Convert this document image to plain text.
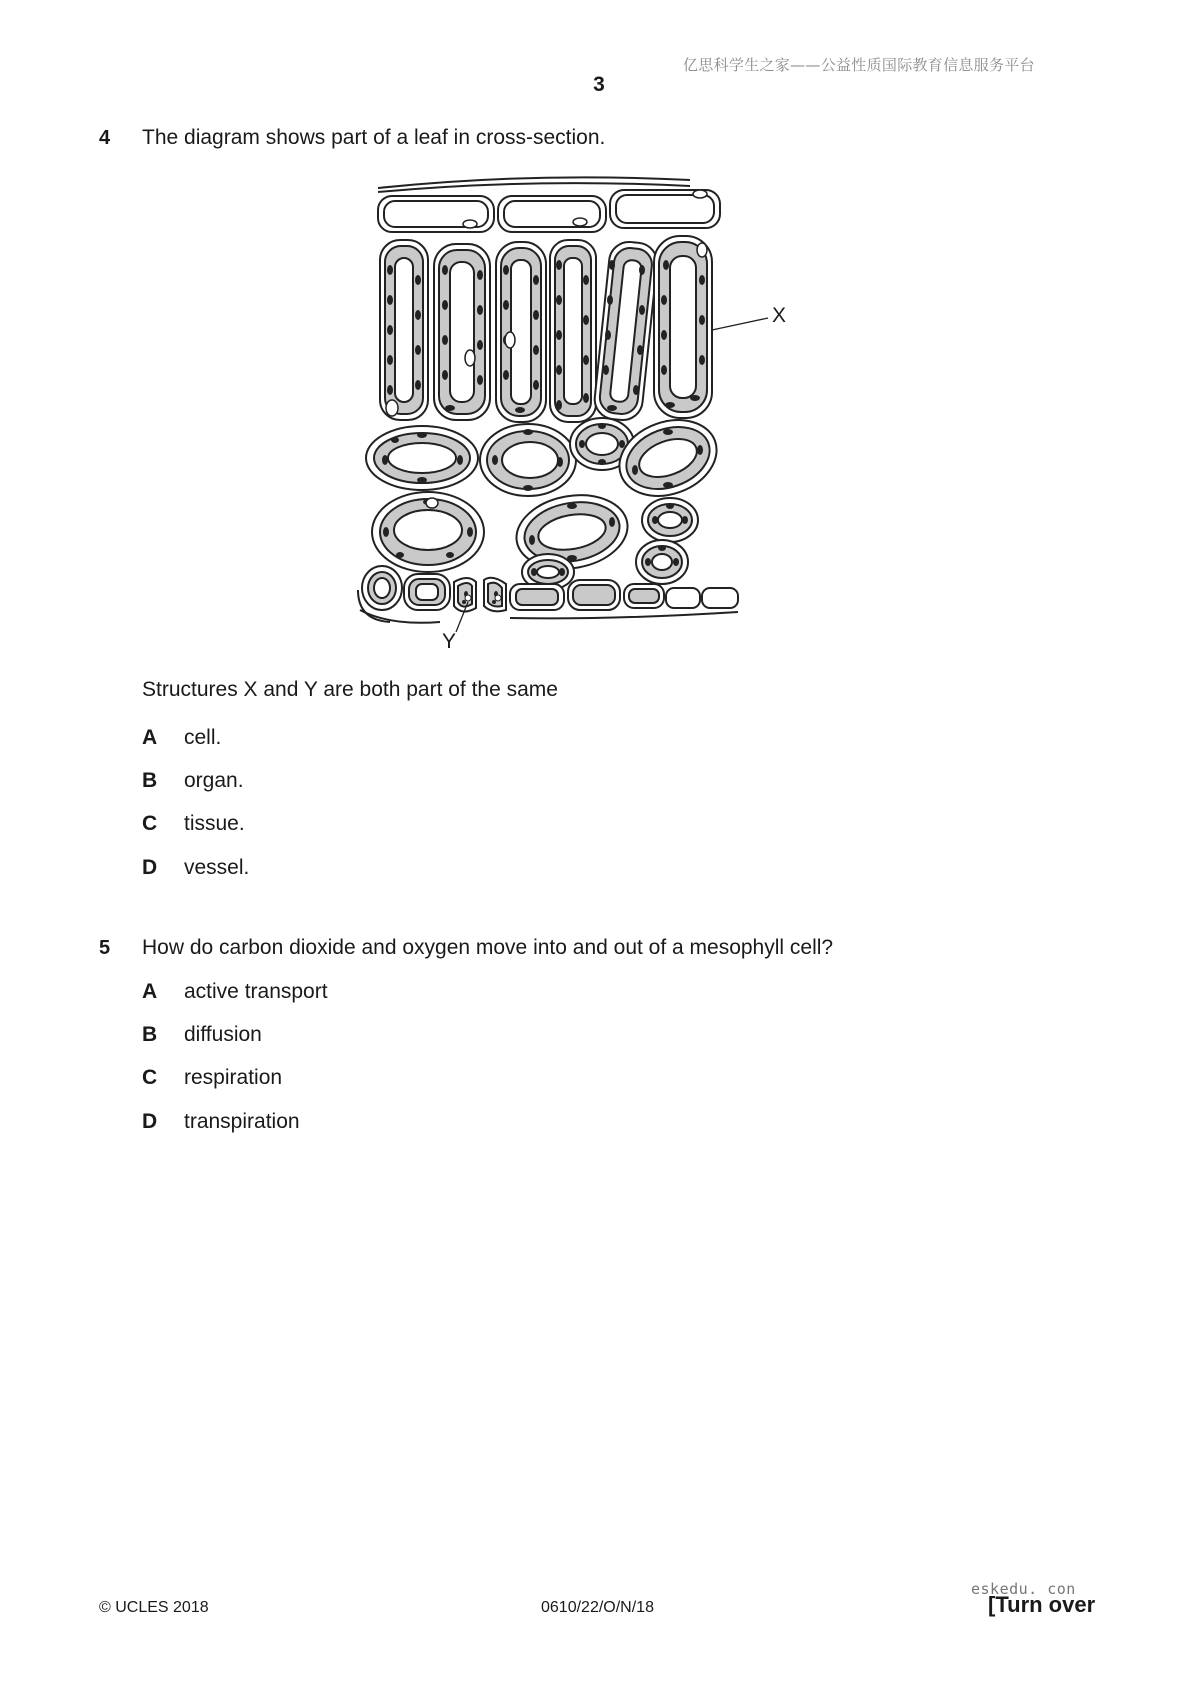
亿思科学生之家——公益性质国际教育信息服务平台
3
4 The diagram shows part of a leaf in cross-section.
X
Y
Structures X and Y are both part of the same
A cell.
B organ.
C tissue.
D vessel.
5 How do carbon dioxide and oxygen move into and out of a mesophyll cell?
A active transport
B diffusion
C respiration
D transpiration
eskedu. con
© UCLES 2018	0610/22/O/N/18	[Turn over
